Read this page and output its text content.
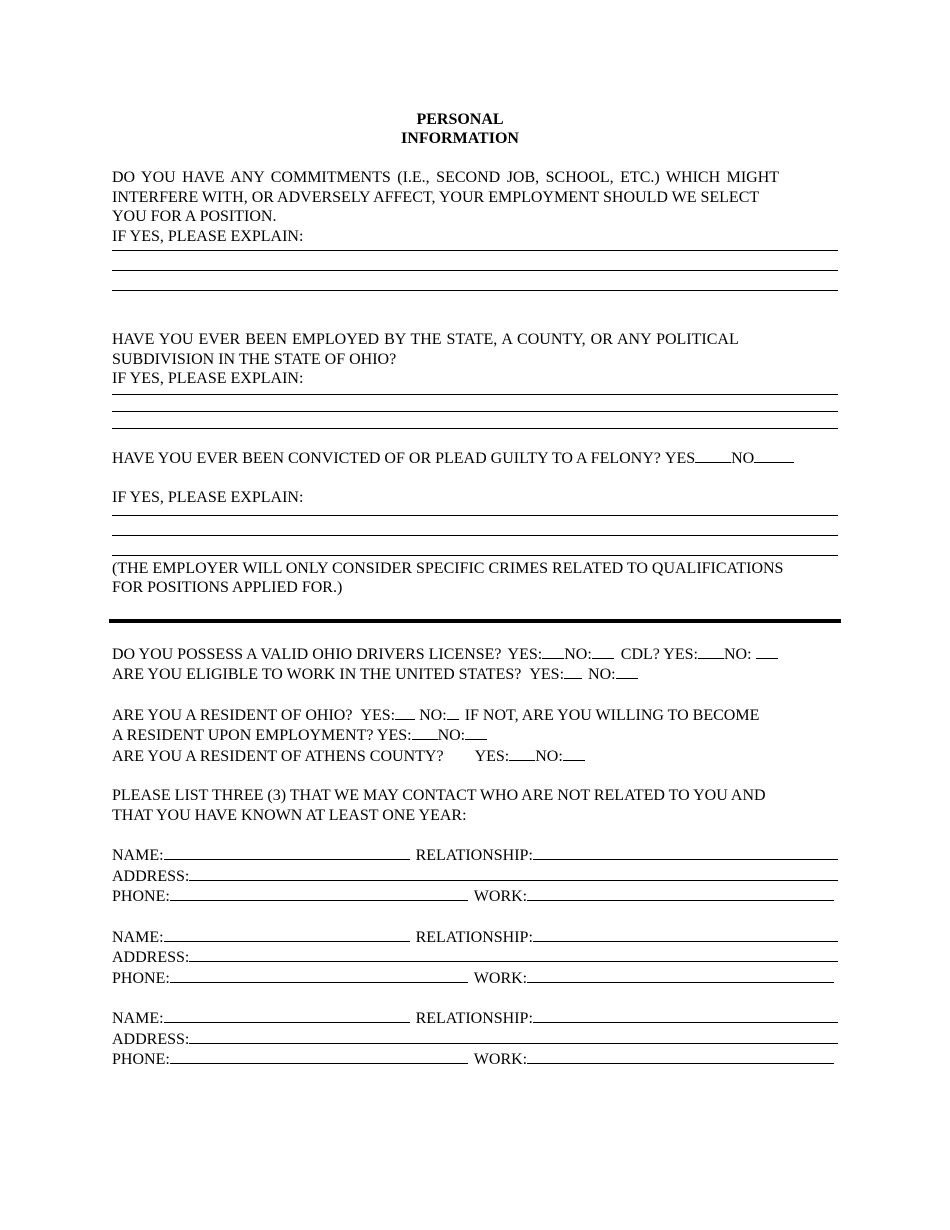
PERSONAL
INFORMATION

DO YOU HAVE ANY COMMITMENTS (I.E., SECOND JOB, SCHOOL, ETC.) WHICH MIGHT

INTERFERE WITH, OR ADVERSELY AFFECT, YOUR EMPLOYMENT SHOULD WE SELECT

YOU FOR A POSITION.

IF YES, PLEASE EXPLAIN:

HAVE YOU EVER BEEN EMPLOYED BY THE STATE, A COUNTY, OR ANY POLITICAL

SUBDIVISION IN THE STATE OF OHIO?

IF YES, PLEASE EXPLAIN:

HAVE YOU EVER BEEN CONVICTED OF OR PLEAD GUILTY TO A FELONY? YES NO

IF YES, PLEASE EXPLAIN:

(THE EMPLOYER WILL ONLY CONSIDER SPECIFIC CRIMES RELATED TO QUALIFICATIONS

FOR POSITIONS APPLIED FOR.)

DO YOU POSSESS A VALID OHIO DRIVERS LICENSE? YES: NO: CDL? YES: NO:
ARE YOU ELIGIBLE TO WORK IN THE UNITED STATES? YES: NO:
ARE YOU A RESIDENT OF OHIO? YES: NO: IF NOT, ARE YOU WILLING TO BECOME
A RESIDENT UPON EMPLOYMENT? YES: NO:
ARE YOU A RESIDENT OF ATHENS COUNTY? YES: NO:

PLEASE LIST THREE (3) THAT WE MAY CONTACT WHO ARE NOT RELATED TO YOU AND

THAT YOU HAVE KNOWN AT LEAST ONE YEAR:

NAME:	RELATIONSHIP:
ADDRESS:
PHONE:	WORK:
NAME:	RELATIONSHIP:
ADDRESS:
PHONE:	WORK:
NAME:	RELATIONSHIP:
ADDRESS:
PHONE:	WORK:
